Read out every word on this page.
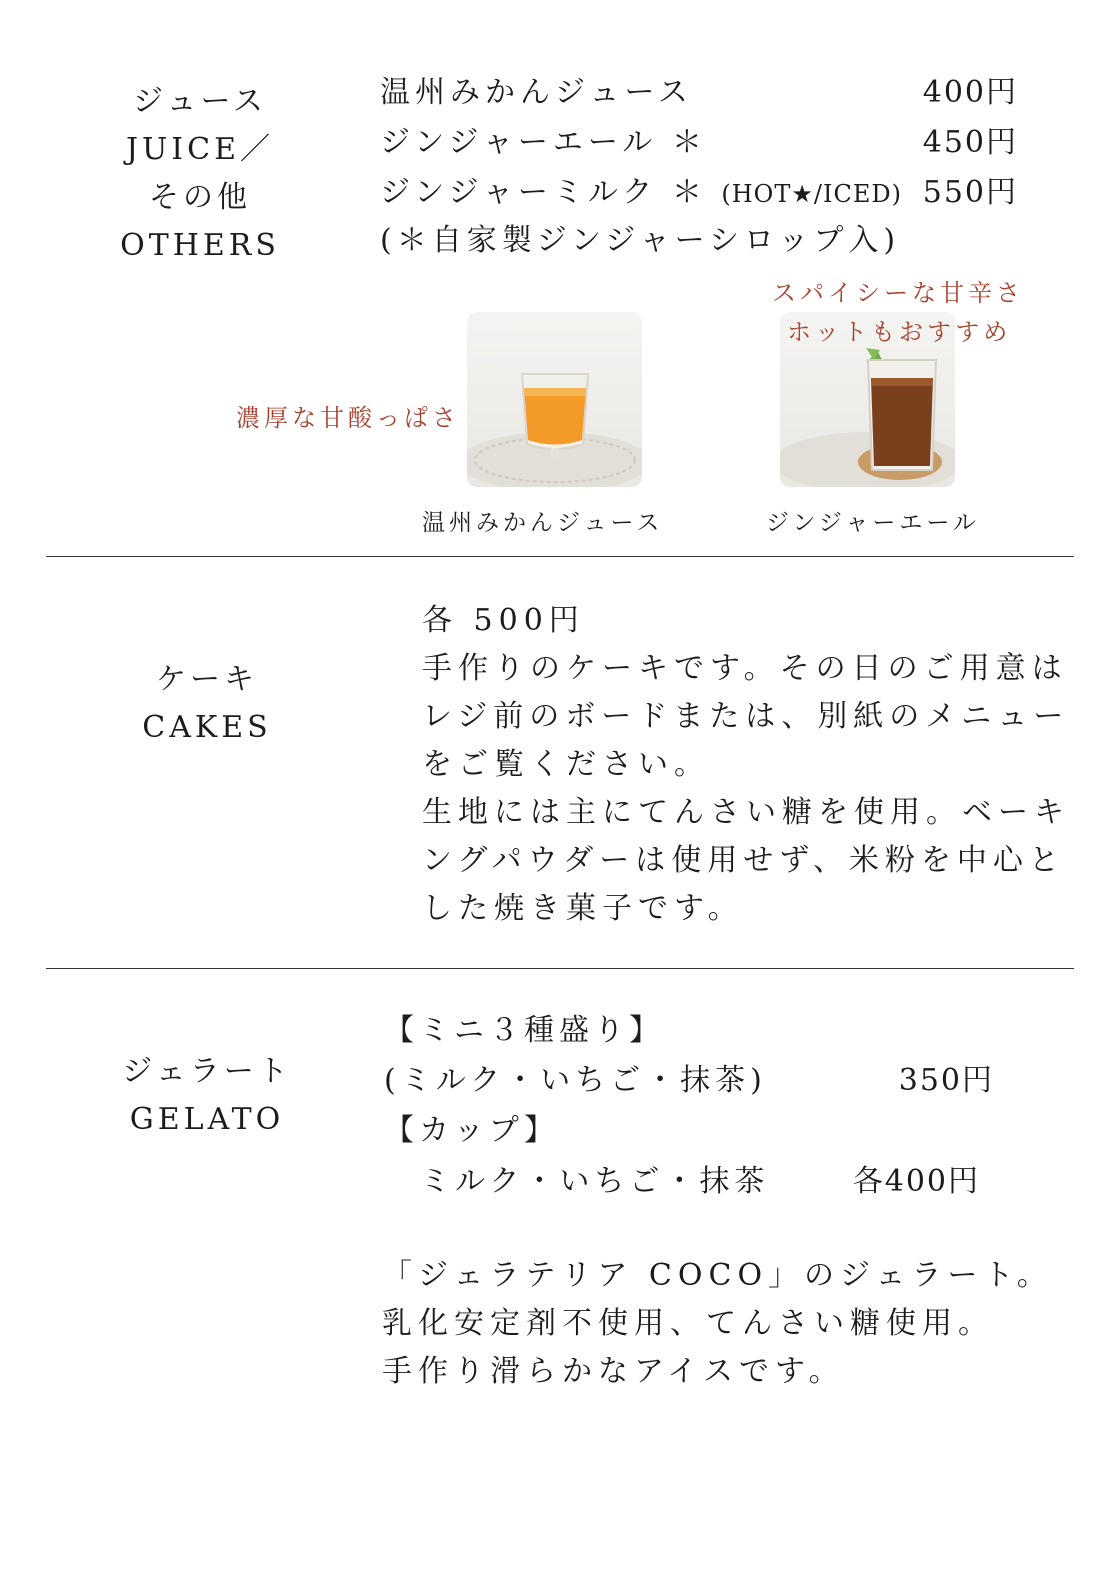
ジュース
JUICE／
その他
OTHERS
温州みかんジュース	400円
ジンジャーエール ＊	450円
ジンジャーミルク ＊ (HOT★/ICED) 550円
(＊自家製ジンジャーシロップ入)
濃厚な甘酸っぱさ
温州みかんジュース
スパイシーな甘辛さ
ホットもおすすめ
ジンジャーエール
ケーキ
CAKES
各 500円
手作りのケーキです。その日のご用意は
レジ前のボードまたは、別紙のメニュー
をご覧ください。
生地には主にてんさい糖を使用。ベーキ
ングパウダーは使用せず、米粉を中心と
した焼き菓子です。
ジェラート
GELATO
【ミニ３種盛り】
(ミルク・いちご・抹茶)	350円
【カップ】
ミルク・いちご・抹茶	各400円
「ジェラテリア COCO」のジェラート。
乳化安定剤不使用、てんさい糖使用。
手作り滑らかなアイスです。
